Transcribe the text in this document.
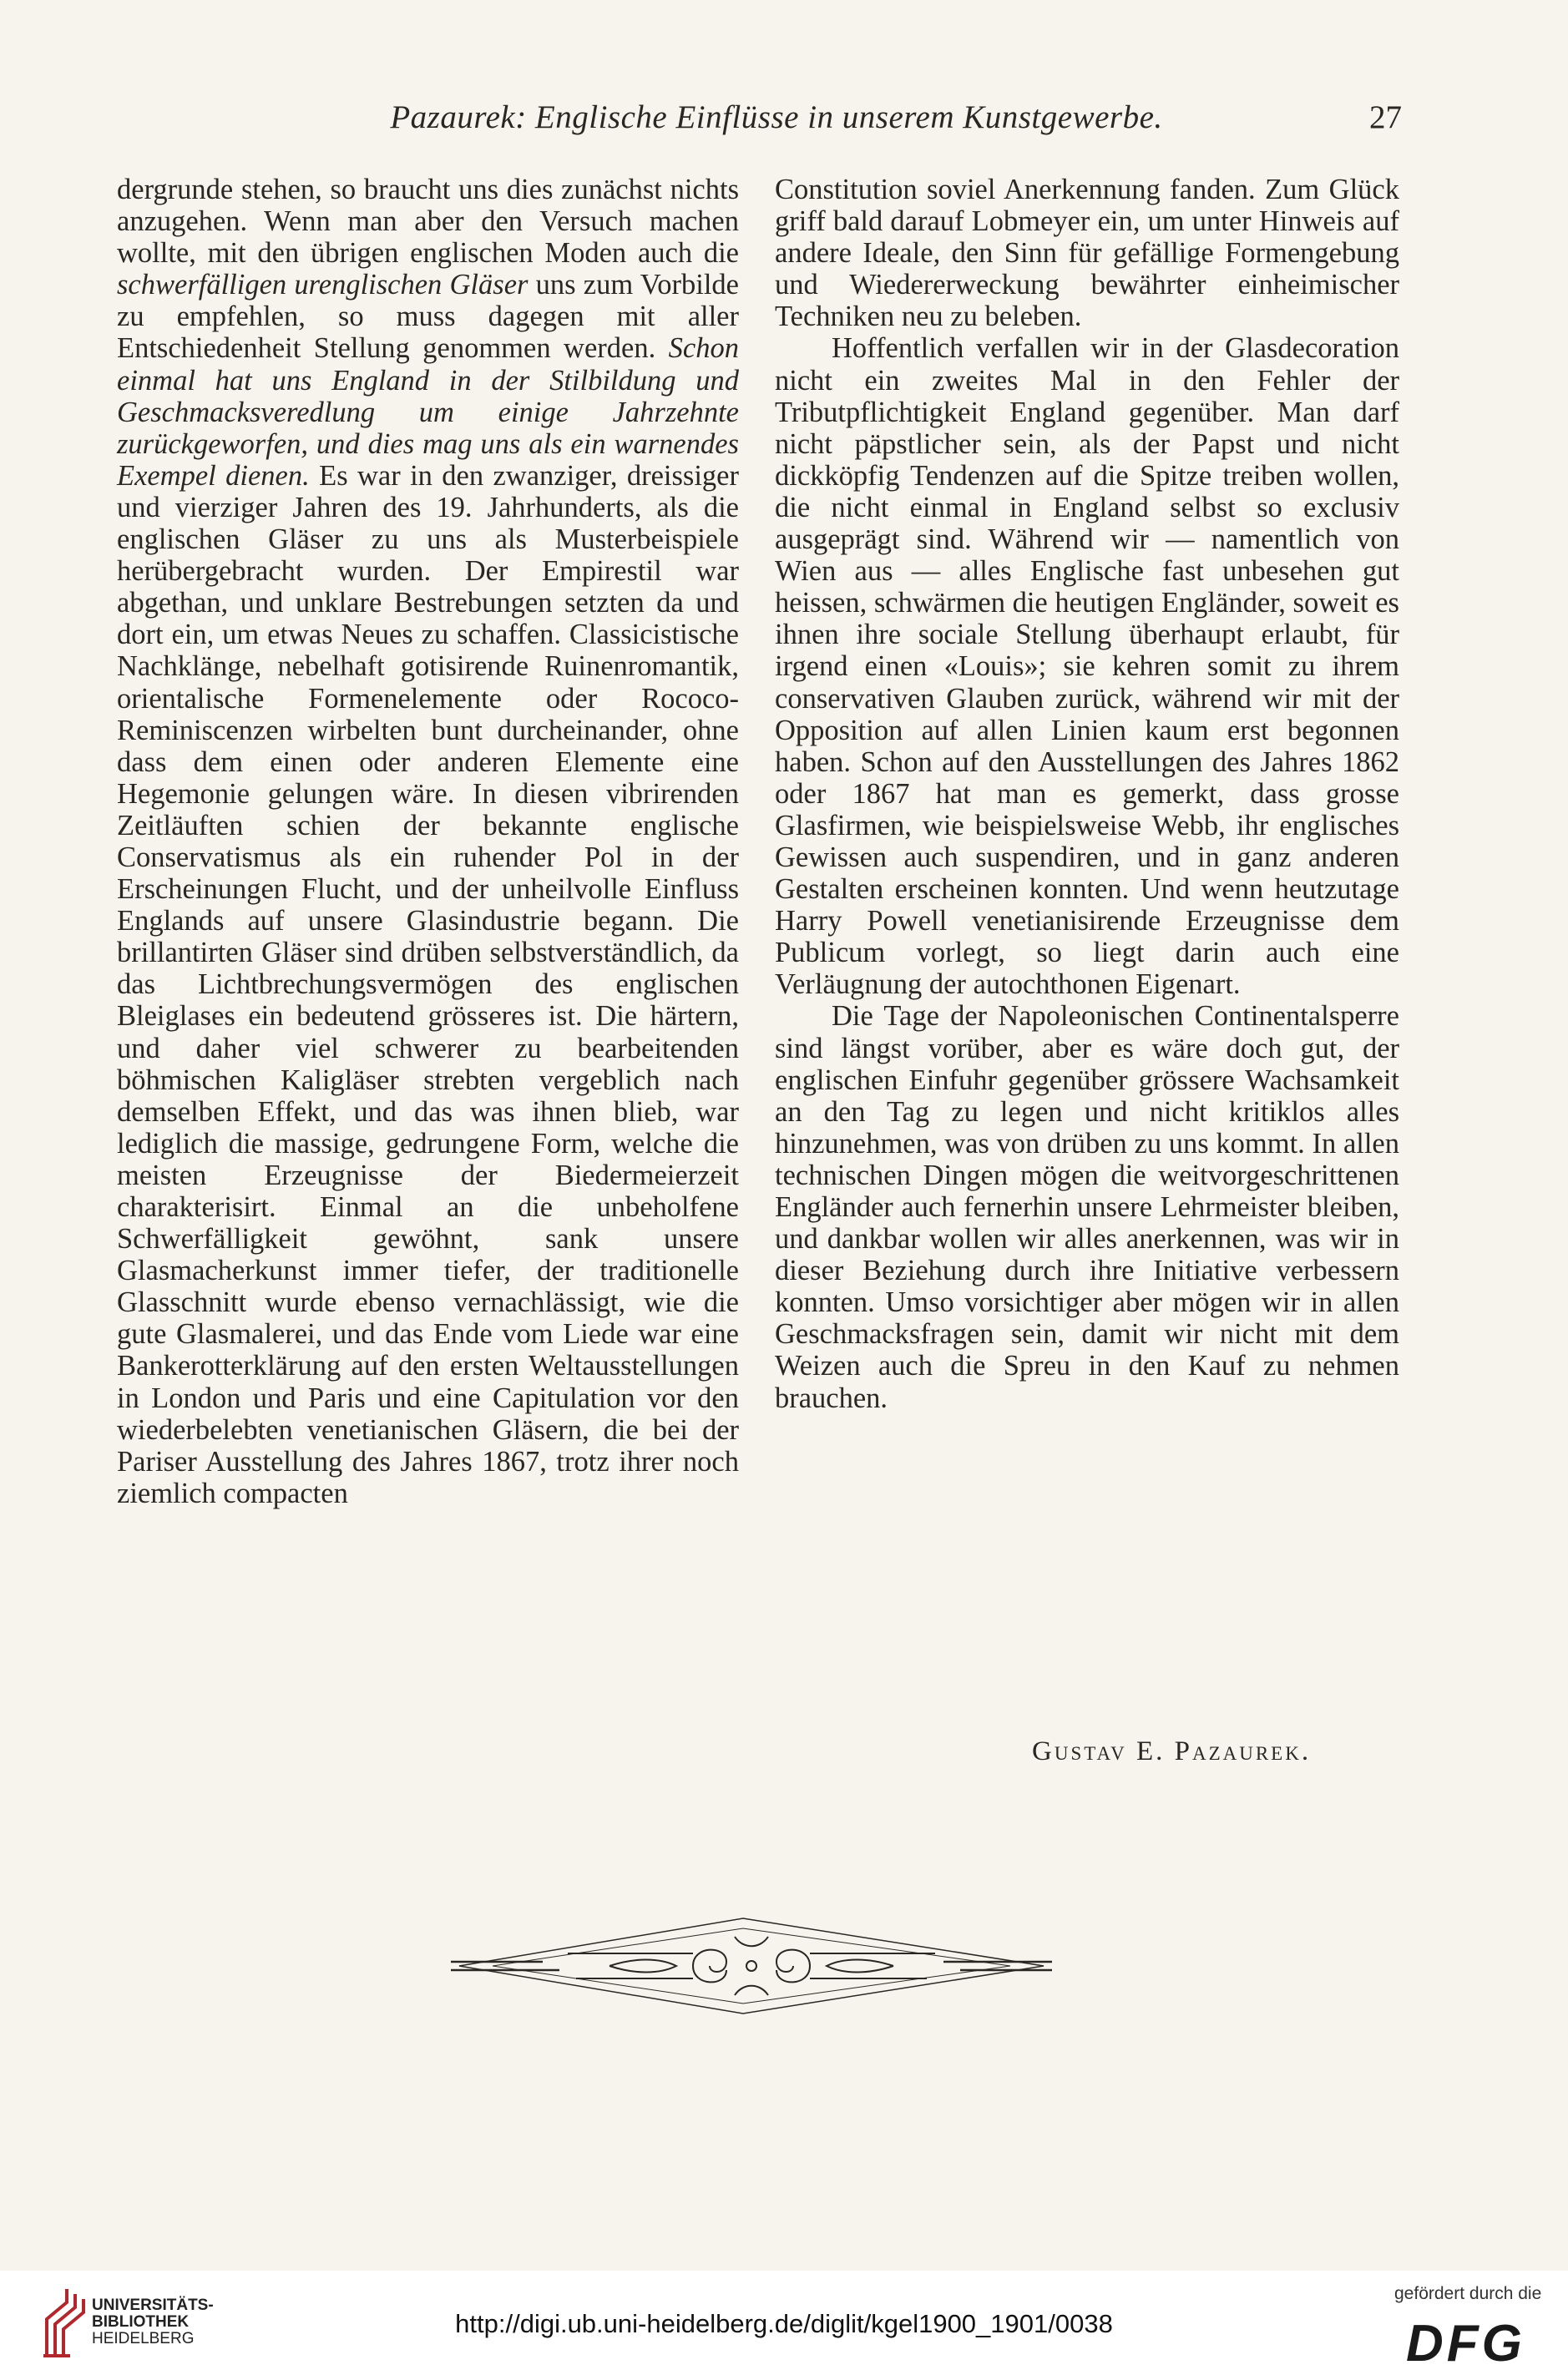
Pazaurek: Englische Einflüsse in unserem Kunstgewerbe.	27

dergrunde stehen, so braucht uns dies zunächst nichts anzugehen. Wenn man aber den Versuch machen wollte, mit den übrigen englischen Moden auch die schwerfälligen urenglischen Gläser uns zum Vorbilde zu empfehlen, so muss dagegen mit aller Entschiedenheit Stellung genommen werden. Schon einmal hat uns England in der Stilbildung und Geschmacksveredlung um einige Jahrzehnte zurückgeworfen, und dies mag uns als ein warnendes Exempel dienen. Es war in den zwanziger, dreissiger und vierziger Jahren des 19. Jahrhunderts, als die englischen Gläser zu uns als Musterbeispiele herübergebracht wurden. Der Empirestil war abgethan, und unklare Bestrebungen setzten da und dort ein, um etwas Neues zu schaffen. Classicistische Nachklänge, nebelhaft gotisirende Ruinenromantik, orientalische Formenelemente oder Rococo-Reminiscenzen wirbelten bunt durcheinander, ohne dass dem einen oder anderen Elemente eine Hegemonie gelungen wäre. In diesen vibrirenden Zeitläuften schien der bekannte englische Conservatismus als ein ruhender Pol in der Erscheinungen Flucht, und der unheilvolle Einfluss Englands auf unsere Glasindustrie begann. Die brillantirten Gläser sind drüben selbstverständlich, da das Lichtbrechungsvermögen des englischen Bleiglases ein bedeutend grösseres ist. Die härtern, und daher viel schwerer zu bearbeitenden böhmischen Kaligläser strebten vergeblich nach demselben Effekt, und das was ihnen blieb, war lediglich die massige, gedrungene Form, welche die meisten Erzeugnisse der Biedermeierzeit charakterisirt. Einmal an die unbeholfene Schwerfälligkeit gewöhnt, sank unsere Glasmacherkunst immer tiefer, der traditionelle Glasschnitt wurde ebenso vernachlässigt, wie die gute Glasmalerei, und das Ende vom Liede war eine Bankerotterklärung auf den ersten Weltausstellungen in London und Paris und eine Capitulation vor den wiederbelebten venetianischen Gläsern, die bei der Pariser Ausstellung des Jahres 1867, trotz ihrer noch ziemlich compacten

Constitution soviel Anerkennung fanden. Zum Glück griff bald darauf Lobmeyer ein, um unter Hinweis auf andere Ideale, den Sinn für gefällige Formengebung und Wiedererweckung bewährter einheimischer Techniken neu zu beleben.

Hoffentlich verfallen wir in der Glasdecoration nicht ein zweites Mal in den Fehler der Tributpflichtigkeit England gegenüber. Man darf nicht päpstlicher sein, als der Papst und nicht dickköpfig Tendenzen auf die Spitze treiben wollen, die nicht einmal in England selbst so exclusiv ausgeprägt sind. Während wir — namentlich von Wien aus — alles Englische fast unbesehen gut heissen, schwärmen die heutigen Engländer, soweit es ihnen ihre sociale Stellung überhaupt erlaubt, für irgend einen «Louis»; sie kehren somit zu ihrem conservativen Glauben zurück, während wir mit der Opposition auf allen Linien kaum erst begonnen haben. Schon auf den Ausstellungen des Jahres 1862 oder 1867 hat man es gemerkt, dass grosse Glasfirmen, wie beispielsweise Webb, ihr englisches Gewissen auch suspendiren, und in ganz anderen Gestalten erscheinen konnten. Und wenn heutzutage Harry Powell venetianisirende Erzeugnisse dem Publicum vorlegt, so liegt darin auch eine Verläugnung der autochthonen Eigenart.

Die Tage der Napoleonischen Continentalsperre sind längst vorüber, aber es wäre doch gut, der englischen Einfuhr gegenüber grössere Wachsamkeit an den Tag zu legen und nicht kritiklos alles hinzunehmen, was von drüben zu uns kommt. In allen technischen Dingen mögen die weitvorgeschrittenen Engländer auch fernerhin unsere Lehrmeister bleiben, und dankbar wollen wir alles anerkennen, was wir in dieser Beziehung durch ihre Initiative verbessern konnten. Umso vorsichtiger aber mögen wir in allen Geschmacksfragen sein, damit wir nicht mit dem Weizen auch die Spreu in den Kauf zu nehmen brauchen.

Gustav E. Pazaurek.
UNIVERSITÄTS-
BIBLIOTHEK
HEIDELBERG
http://digi.ub.uni-heidelberg.de/diglit/kgel1900_1901/0038
gefördert durch die
DFG
